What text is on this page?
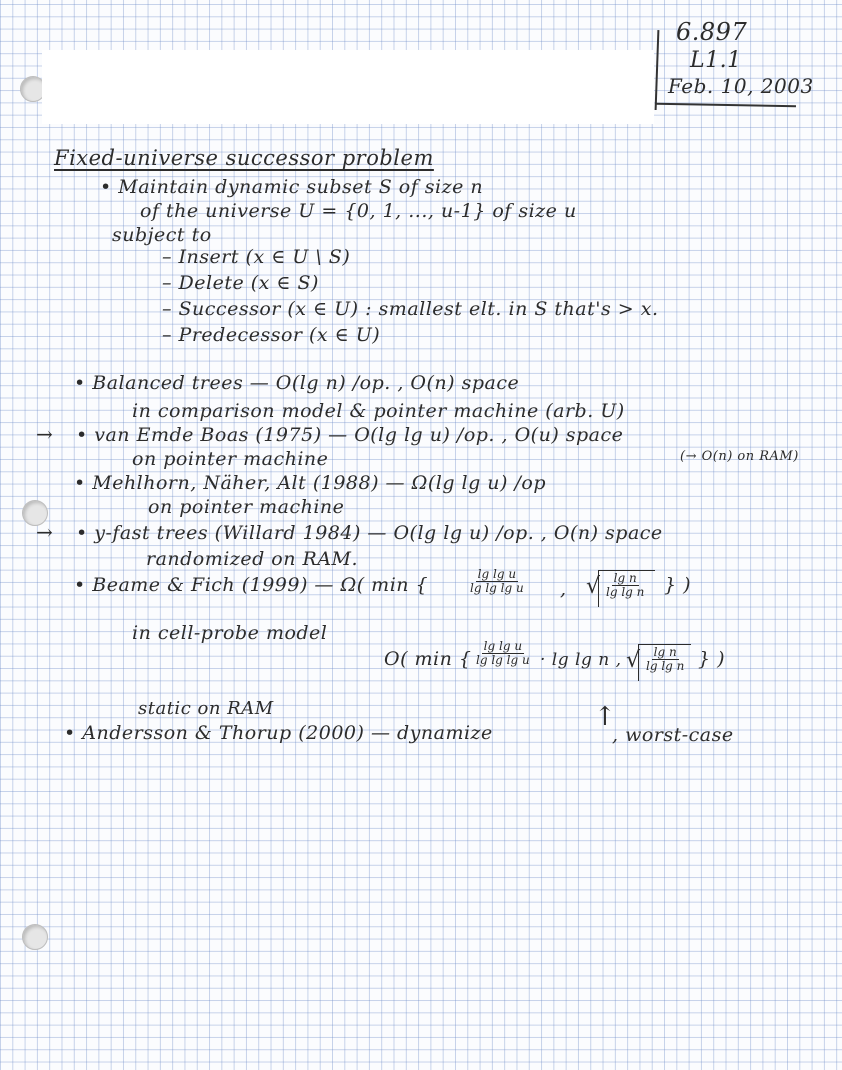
6.897
L1.1
Feb. 10, 2003
Fixed-universe successor problem
• Maintain dynamic subset S of size n
of the universe U = {0, 1, ..., u-1} of size u
subject to
– Insert (x ∈ U \ S)
– Delete (x ∈ S)
– Successor (x ∈ U) : smallest elt. in S that's > x.
– Predecessor (x ∈ U)
• Balanced trees — O(lg n) /op. , O(n) space
in comparison model & pointer machine (arb. U)
→ • van Emde Boas (1975) — O(lg lg u) /op. , O(u) space
(→ O(n) on RAM)
on pointer machine
• Mehlhorn, Näher, Alt (1988) — Ω(lg lg u) /op
on pointer machine
→ • y-fast trees (Willard 1984) — O(lg lg u) /op. , O(n) space
randomized on RAM.
• Beame & Fich (1999) — Ω( min {	$\frac{\text{lg lg u}}{\text{lg lg lg u}}$ , √ $\frac{\text{lg n}}{\text{lg lg n}}$ } )
in cell-probe model
O( min { $\frac{\text{lg lg u}}{\text{lg lg lg u}} \cdot \lg \lg n$ , √ $\frac{\text{lg n}}{\text{lg lg n}}$ } )
static on RAM
• Andersson & Thorup (2000) — dynamize
↑
, worst-case
